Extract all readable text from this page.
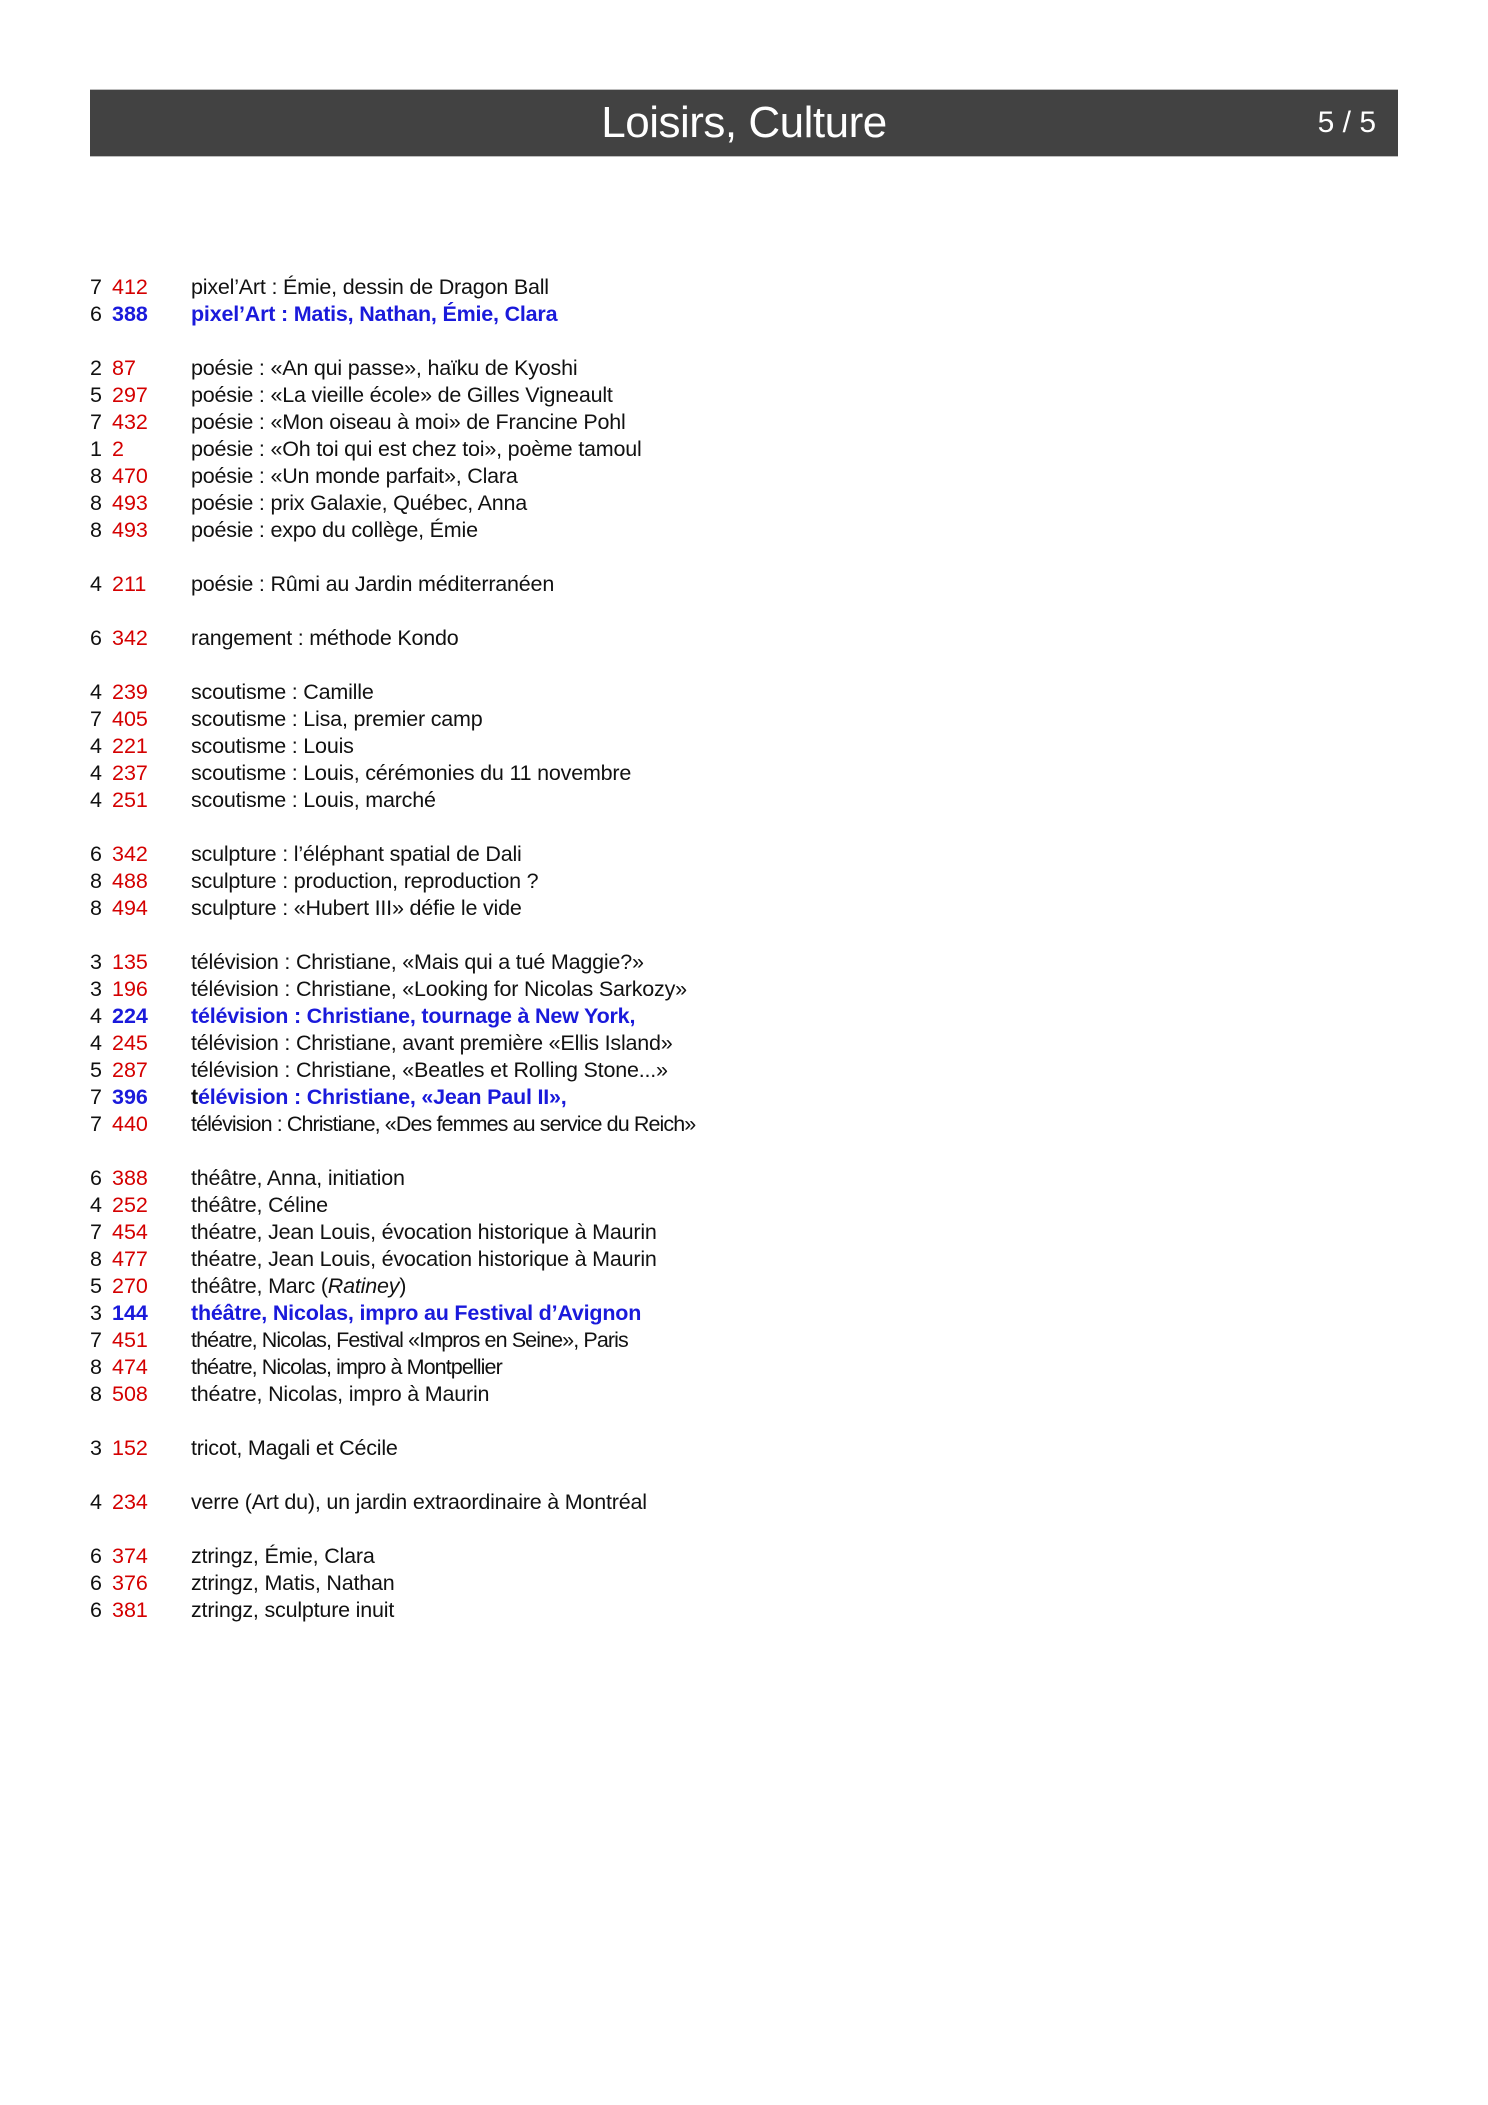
Loisirs, Culture	5 / 5
7 412	pixel’Art : Émie, dessin de Dragon Ball
6 388	pixel’Art : Matis, Nathan, Émie, Clara
2 87	poésie : «An qui passe», haïku de Kyoshi
5 297	poésie : «La vieille école» de Gilles Vigneault
7 432	poésie : «Mon oiseau à moi» de Francine Pohl
1 2	poésie : «Oh toi qui est chez toi», poème tamoul
8 470	poésie : «Un monde parfait», Clara
8 493	poésie : prix Galaxie, Québec, Anna
8 493	poésie : expo du collège, Émie
4 211	poésie : Rûmi au Jardin méditerranéen
6 342	rangement : méthode Kondo
4 239	scoutisme : Camille
7 405	scoutisme : Lisa, premier camp
4 221	scoutisme : Louis
4 237	scoutisme : Louis, cérémonies du 11 novembre
4 251	scoutisme : Louis, marché
6 342	sculpture : l’éléphant spatial de Dali
8 488	sculpture : production, reproduction ?
8 494	sculpture : «Hubert III» défie le vide
3 135	télévision : Christiane, «Mais qui a tué Maggie?»
3 196	télévision : Christiane, «Looking for Nicolas Sarkozy»
4 224	télévision : Christiane, tournage à New York,
4 245	télévision : Christiane, avant première «Ellis Island»
5 287	télévision : Christiane, «Beatles et Rolling Stone...»
7 396	télévision : Christiane, «Jean Paul II»,
7 440	télévision : Christiane, «Des femmes au service du Reich»
6 388	théâtre, Anna, initiation
4 252	théâtre, Céline
7 454	théatre, Jean Louis, évocation historique à Maurin
8 477	théatre, Jean Louis, évocation historique à Maurin
5 270	théâtre, Marc (Ratiney)
3 144	théâtre, Nicolas, impro au Festival d’Avignon
7 451	théatre, Nicolas, Festival «Impros en Seine», Paris
8 474	théatre, Nicolas, impro à Montpellier
8 508	théatre, Nicolas, impro à Maurin
3 152	tricot, Magali et Cécile
4 234	verre (Art du), un jardin extraordinaire à Montréal
6 374	ztringz, Émie, Clara
6 376	ztringz, Matis, Nathan
6 381	ztringz, sculpture inuit
